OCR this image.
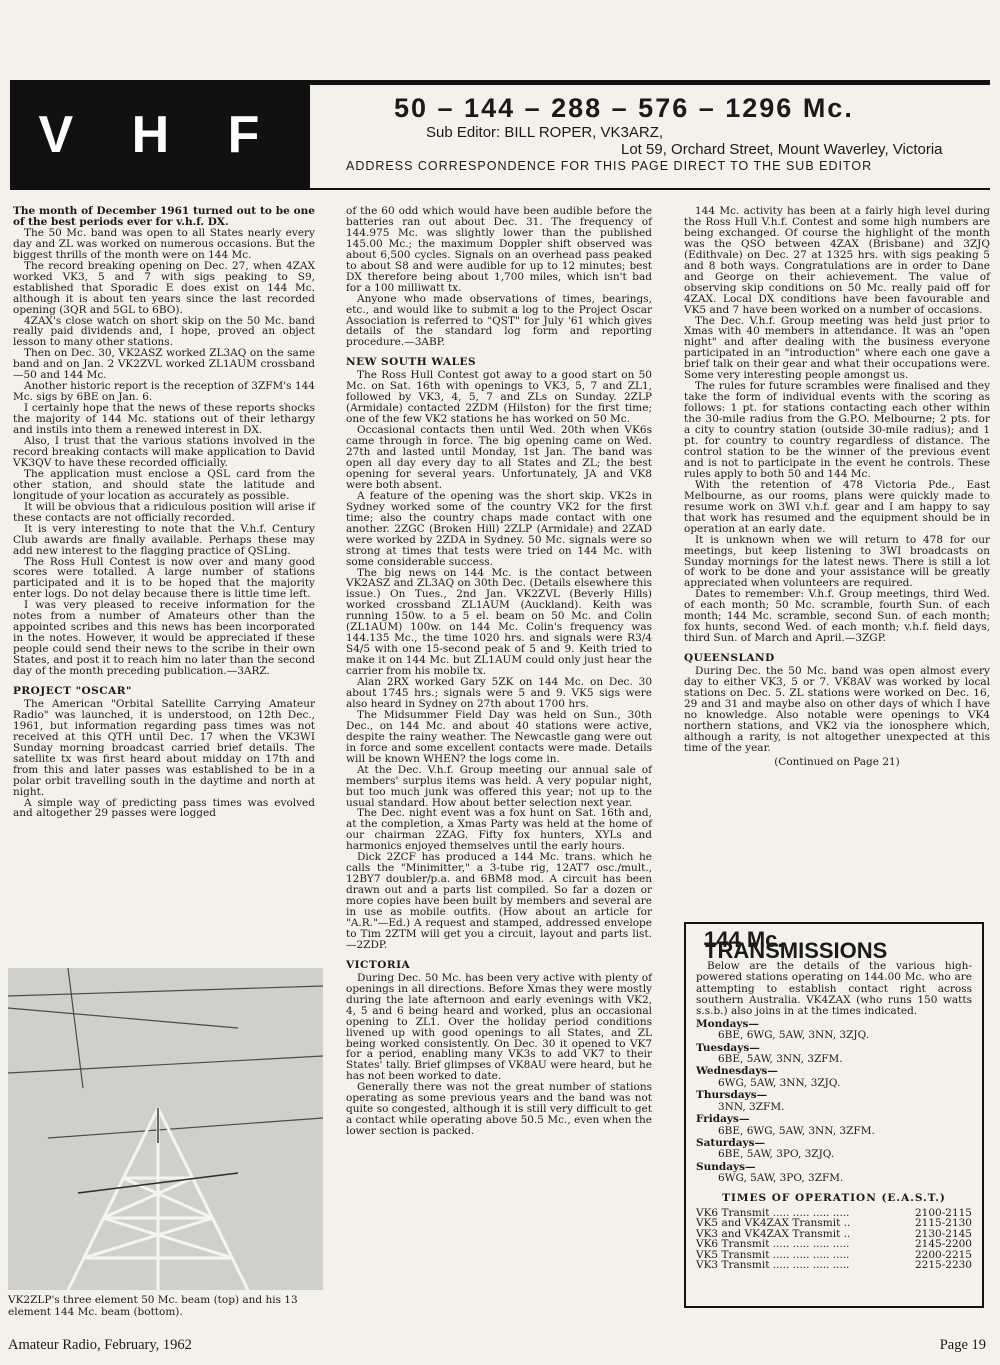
V H F	50 – 144 – 288 – 576 – 1296 Mc.
Sub Editor: BILL ROPER, VK3ARZ,
Lot 59, Orchard Street, Mount Waverley, Victoria
ADDRESS CORRESPONDENCE FOR THIS PAGE DIRECT TO THE SUB EDITOR

The month of December 1961 turned out to be one of the best periods ever for v.h.f. DX.

The 50 Mc. band was open to all States nearly every day and ZL was worked on numerous occasions. But the biggest thrills of the month were on 144 Mc.

The record breaking opening on Dec. 27, when 4ZAX worked VK3, 5 and 7 with sigs peaking to S9, established that Sporadic E does exist on 144 Mc. although it is about ten years since the last recorded opening (3QR and 5GL to 6BO).

4ZAX's close watch on short skip on the 50 Mc. band really paid dividends and, I hope, proved an object lesson to many other stations.

Then on Dec. 30, VK2ASZ worked ZL3AQ on the same band and on Jan. 2 VK2ZVL worked ZL1AUM crossband—50 and 144 Mc.

Another historic report is the reception of 3ZFM's 144 Mc. sigs by 6BE on Jan. 6.

I certainly hope that the news of these reports shocks the majority of 144 Mc. stations out of their lethargy and instils into them a renewed interest in DX.

Also, I trust that the various stations involved in the record breaking contacts will make application to David VK3QV to have these recorded officially.

The application must enclose a QSL card from the other station, and should state the latitude and longitude of your location as accurately as possible.

It will be obvious that a ridiculous position will arise if these contacts are not officially recorded.

It is very interesting to note that the V.h.f. Century Club awards are finally available. Perhaps these may add new interest to the flagging practice of QSLing.

The Ross Hull Contest is now over and many good scores were totalled. A large number of stations participated and it is to be hoped that the majority enter logs. Do not delay because there is little time left.

I was very pleased to receive information for the notes from a number of Amateurs other than the appointed scribes and this news has been incorporated in the notes. However, it would be appreciated if these people could send their news to the scribe in their own States, and post it to reach him no later than the second day of the month preceding publication.—3ARZ.

PROJECT "OSCAR"

The American "Orbital Satellite Carrying Amateur Radio" was launched, it is understood, on 12th Dec., 1961, but information regarding pass times was not received at this QTH until Dec. 17 when the VK3WI Sunday morning broadcast carried brief details. The satellite tx was first heard about midday on 17th and from this and later passes was established to be in a polar orbit travelling south in the daytime and north at night.

A simple way of predicting pass times was evolved and altogether 29 passes were logged

VK2ZLP's three element 50 Mc. beam (top) and his 13 element 144 Mc. beam (bottom).

of the 60 odd which would have been audible before the batteries ran out about Dec. 31. The frequency of 144.975 Mc. was slightly lower than the published 145.00 Mc.; the maximum Doppler shift observed was about 6,500 cycles. Signals on an overhead pass peaked to about S8 and were audible for up to 12 minutes; best DX therefore being about 1,700 miles, which isn't bad for a 100 milliwatt tx.

Anyone who made observations of times, bearings, etc., and would like to submit a log to the Project Oscar Association is referred to "QST" for July '61 which gives details of the standard log form and reporting procedure.—3ABP.

NEW SOUTH WALES

The Ross Hull Contest got away to a good start on 50 Mc. on Sat. 16th with openings to VK3, 5, 7 and ZL1, followed by VK3, 4, 5, 7 and ZLs on Sunday. 2ZLP (Armidale) contacted 2ZDM (Hilston) for the first time; one of the few VK2 stations he has worked on 50 Mc.

Occasional contacts then until Wed. 20th when VK6s came through in force. The big opening came on Wed. 27th and lasted until Monday, 1st Jan. The band was open all day every day to all States and ZL; the best opening for several years. Unfortunately, JA and VK8 were both absent.

A feature of the opening was the short skip. VK2s in Sydney worked some of the country VK2 for the first time; also the country chaps made contact with one another. 2ZGC (Broken Hill) 2ZLP (Armidale) and 2ZAD were worked by 2ZDA in Sydney. 50 Mc. signals were so strong at times that tests were tried on 144 Mc. with some considerable success.

The big news on 144 Mc. is the contact between VK2ASZ and ZL3AQ on 30th Dec. (Details elsewhere this issue.) On Tues., 2nd Jan. VK2ZVL (Beverly Hills) worked crossband ZL1AUM (Auckland). Keith was running 150w. to a 5 el. beam on 50 Mc. and Colin (ZL1AUM) 100w. on 144 Mc. Colin's frequency was 144.135 Mc., the time 1020 hrs. and signals were R3/4 S4/5 with one 15-second peak of 5 and 9. Keith tried to make it on 144 Mc. but ZL1AUM could only just hear the carrier from his mobile tx.

Alan 2RX worked Gary 5ZK on 144 Mc. on Dec. 30 about 1745 hrs.; signals were 5 and 9. VK5 sigs were also heard in Sydney on 27th about 1700 hrs.

The Midsummer Field Day was held on Sun., 30th Dec., on 144 Mc. and about 40 stations were active, despite the rainy weather. The Newcastle gang were out in force and some excellent contacts were made. Details will be known WHEN? the logs come in.

At the Dec. V.h.f. Group meeting our annual sale of members' surplus items was held. A very popular night, but too much junk was offered this year; not up to the usual standard. How about better selection next year.

The Dec. night event was a fox hunt on Sat. 16th and, at the completion, a Xmas Party was held at the home of our chairman 2ZAG. Fifty fox hunters, XYLs and harmonics enjoyed themselves until the early hours.

Dick 2ZCF has produced a 144 Mc. trans. which he calls the "Minimitter," a 3-tube rig, 12AT7 osc./mult., 12BY7 doubler/p.a. and 6BM8 mod. A circuit has been drawn out and a parts list compiled. So far a dozen or more copies have been built by members and several are in use as mobile outfits. (How about an article for "A.R."—Ed.) A request and stamped, addressed envelope to Tim 2ZTM will get you a circuit, layout and parts list.—2ZDP.

VICTORIA

During Dec. 50 Mc. has been very active with plenty of openings in all directions. Before Xmas they were mostly during the late afternoon and early evenings with VK2, 4, 5 and 6 being heard and worked, plus an occasional opening to ZL1. Over the holiday period conditions livened up with good openings to all States, and ZL being worked consistently. On Dec. 30 it opened to VK7 for a period, enabling many VK3s to add VK7 to their States' tally. Brief glimpses of VK8AU were heard, but he has not been worked to date.

Generally there was not the great number of stations operating as some previous years and the band was not quite so congested, although it is still very difficult to get a contact while operating above 50.5 Mc., even when the lower section is packed.

144 Mc. activity has been at a fairly high level during the Ross Hull V.h.f. Contest and some high numbers are being exchanged. Of course the highlight of the month was the QSO between 4ZAX (Brisbane) and 3ZJQ (Edithvale) on Dec. 27 at 1325 hrs. with sigs peaking 5 and 8 both ways. Congratulations are in order to Dane and George on their achievement. The value of observing skip conditions on 50 Mc. really paid off for 4ZAX. Local DX conditions have been favourable and VK5 and 7 have been worked on a number of occasions.

The Dec. V.h.f. Group meeting was held just prior to Xmas with 40 members in attendance. It was an "open night" and after dealing with the business everyone participated in an "introduction" where each one gave a brief talk on their gear and what their occupations were. Some very interesting people amongst us.

The rules for future scrambles were finalised and they take the form of individual events with the scoring as follows: 1 pt. for stations contacting each other within the 30-mile radius from the G.P.O. Melbourne; 2 pts. for a city to country station (outside 30-mile radius); and 1 pt. for country to country regardless of distance. The control station to be the winner of the previous event and is not to participate in the event he controls. These rules apply to both 50 and 144 Mc.

With the retention of 478 Victoria Pde., East Melbourne, as our rooms, plans were quickly made to resume work on 3WI v.h.f. gear and I am happy to say that work has resumed and the equipment should be in operation at an early date.

It is unknown when we will return to 478 for our meetings, but keep listening to 3WI broadcasts on Sunday mornings for the latest news. There is still a lot of work to be done and your assistance will be greatly appreciated when volunteers are required.

Dates to remember: V.h.f. Group meetings, third Wed. of each month; 50 Mc. scramble, fourth Sun. of each month; 144 Mc. scramble, second Sun. of each month; fox hunts, second Wed. of each month; v.h.f. field days, third Sun. of March and April.—3ZGP.

QUEENSLAND

During Dec. the 50 Mc. band was open almost every day to either VK3, 5 or 7. VK8AV was worked by local stations on Dec. 5. ZL stations were worked on Dec. 16, 29 and 31 and maybe also on other days of which I have no knowledge. Also notable were openings to VK4 northern stations, and VK2 via the ionosphere which, although a rarity, is not altogether unexpected at this time of the year.

(Continued on Page 21)
144 Mc. TRANSMISSIONS

Below are the details of the various high-powered stations operating on 144.00 Mc. who are attempting to establish contact right across southern Australia. VK4ZAX (who runs 150 watts s.s.b.) also joins in at the times indicated.

Mondays—
6BE, 6WG, 5AW, 3NN, 3ZJQ.
Tuesdays—
6BE, 5AW, 3NN, 3ZFM.
Wednesdays—
6WG, 5AW, 3NN, 3ZJQ.
Thursdays—
3NN, 3ZFM.
Fridays—
6BE, 6WG, 5AW, 3NN, 3ZFM.
Saturdays—
6BE, 5AW, 3PO, 3ZJQ.
Sundays—
6WG, 5AW, 3PO, 3ZFM.
TIMES OF OPERATION (E.A.S.T.)
VK6 Transmit ..... ..... ..... .....	2100-2115
VK5 and VK4ZAX Transmit ..	2115-2130
VK3 and VK4ZAX Transmit ..	2130-2145
VK6 Transmit ..... ..... ..... .....	2145-2200
VK5 Transmit ..... ..... ..... .....	2200-2215
VK3 Transmit ..... ..... ..... .....	2215-2230
Amateur Radio, February, 1962	Page 19
